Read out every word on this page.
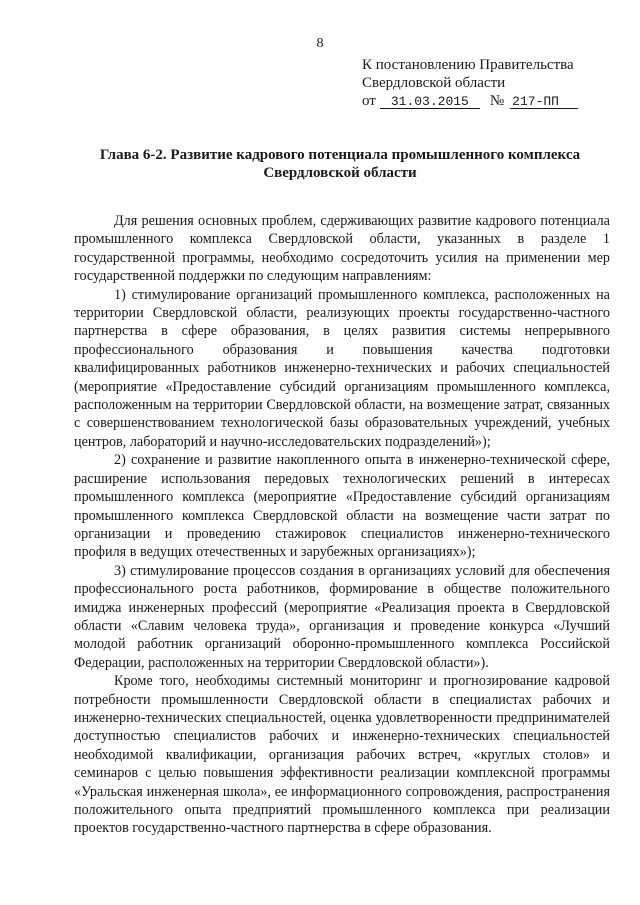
8
К постановлению Правительства
Свердловской области
от 31.03.2015 № 217-ПП
Глава 6-2. Развитие кадрового потенциала промышленного комплекса Свердловской области

Для решения основных проблем, сдерживающих развитие кадрового потенциала промышленного комплекса Свердловской области, указанных в разделе 1 государственной программы, необходимо сосредоточить усилия на применении мер государственной поддержки по следующим направлениям:

1) стимулирование организаций промышленного комплекса, расположенных на территории Свердловской области, реализующих проекты государственно-частного партнерства в сфере образования, в целях развития системы непрерывного профессионального образования и повышения качества подготовки квалифицированных работников инженерно-технических и рабочих специальностей (мероприятие «Предоставление субсидий организациям промышленного комплекса, расположенным на территории Свердловской области, на возмещение затрат, связанных с совершенствованием технологической базы образовательных учреждений, учебных центров, лабораторий и научно-исследовательских подразделений»);

2) сохранение и развитие накопленного опыта в инженерно-технической сфере, расширение использования передовых технологических решений в интересах промышленного комплекса (мероприятие «Предоставление субсидий организациям промышленного комплекса Свердловской области на возмещение части затрат по организации и проведению стажировок специалистов инженерно-технического профиля в ведущих отечественных и зарубежных организациях»);

3) стимулирование процессов создания в организациях условий для обеспечения профессионального роста работников, формирование в обществе положительного имиджа инженерных профессий (мероприятие «Реализация проекта в Свердловской области «Славим человека труда», организация и проведение конкурса «Лучший молодой работник организаций оборонно-промышленного комплекса Российской Федерации, расположенных на территории Свердловской области»).

Кроме того, необходимы системный мониторинг и прогнозирование кадровой потребности промышленности Свердловской области в специалистах рабочих и инженерно-технических специальностей, оценка удовлетворенности предпринимателей доступностью специалистов рабочих и инженерно-технических специальностей необходимой квалификации, организация рабочих встреч, «круглых столов» и семинаров с целью повышения эффективности реализации комплексной программы «Уральская инженерная школа», ее информационного сопровождения, распространения положительного опыта предприятий промышленного комплекса при реализации проектов государственно-частного партнерства в сфере образования.
